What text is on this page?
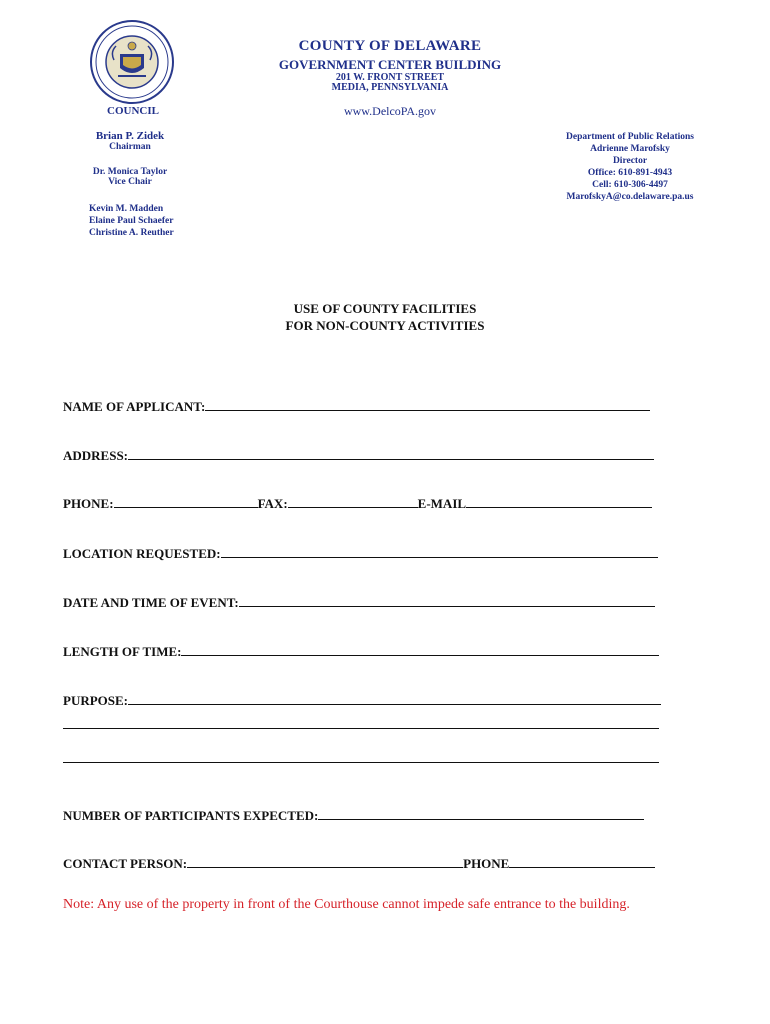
COUNTY OF DELAWARE
GOVERNMENT CENTER BUILDING
201 W. FRONT STREET
MEDIA, PENNSYLVANIA
www.DelcoPA.gov
COUNCIL
Brian P. Zidek
Chairman
Dr. Monica Taylor
Vice Chair
Kevin M. Madden
Elaine Paul Schaefer
Christine A. Reuther
Department of Public Relations
Adrienne Marofsky
Director
Office: 610-891-4943
Cell: 610-306-4497
MarofskyA@co.delaware.pa.us
USE OF COUNTY FACILITIES
FOR NON-COUNTY ACTIVITIES
NAME OF APPLICANT:
ADDRESS:
PHONE:	FAX:	E-MAIL
LOCATION REQUESTED:
DATE AND TIME OF EVENT:
LENGTH OF TIME:
PURPOSE:
NUMBER OF PARTICIPANTS EXPECTED:
CONTACT PERSON:	PHONE
Note: Any use of the property in front of the Courthouse cannot impede safe entrance to the building.
